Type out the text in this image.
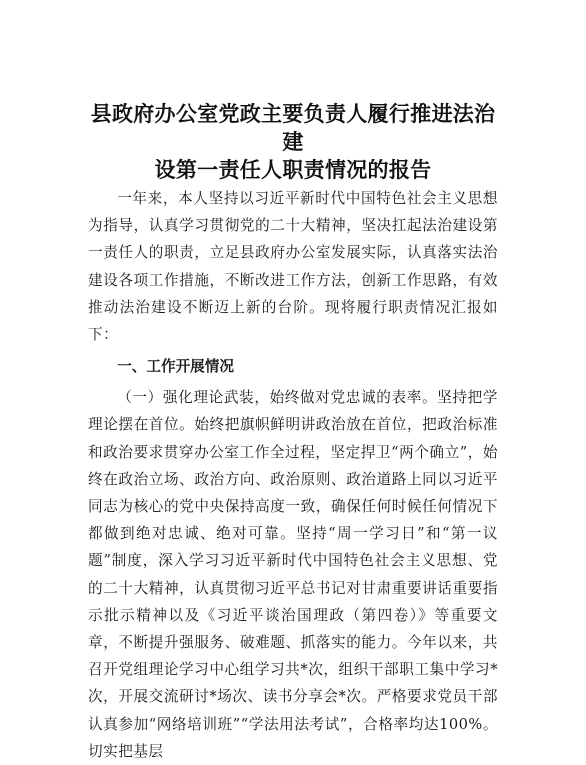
县政府办公室党政主要负责人履行推进法治建
设第一责任人职责情况的报告

一年来，本人坚持以习近平新时代中国特色社会主义思想为指导，认真学习贯彻党的二十大精神，坚决扛起法治建设第一责任人的职责，立足县政府办公室发展实际，认真落实法治建设各项工作措施，不断改进工作方法，创新工作思路，有效推动法治建设不断迈上新的台阶。现将履行职责情况汇报如下：

一、工作开展情况

（一）强化理论武装，始终做对党忠诚的表率。坚持把学理论摆在首位。始终把旗帜鲜明讲政治放在首位，把政治标准和政治要求贯穿办公室工作全过程，坚定捍卫“两个确立”，始终在政治立场、政治方向、政治原则、政治道路上同以习近平同志为核心的党中央保持高度一致，确保任何时候任何情况下都做到绝对忠诚、绝对可靠。坚持“周一学习日”和“第一议题”制度，深入学习习近平新时代中国特色社会主义思想、党的二十大精神，认真贯彻习近平总书记对甘肃重要讲话重要指示批示精神以及《习近平谈治国理政（第四卷）》等重要文章，不断提升强服务、破难题、抓落实的能力。今年以来，共召开党组理论学习中心组学习共*次，组织干部职工集中学习*次，开展交流研讨*场次、读书分享会*次。严格要求党员干部认真参加“网络培训班”“学法用法考试”，合格率均达100%。切实把基层
